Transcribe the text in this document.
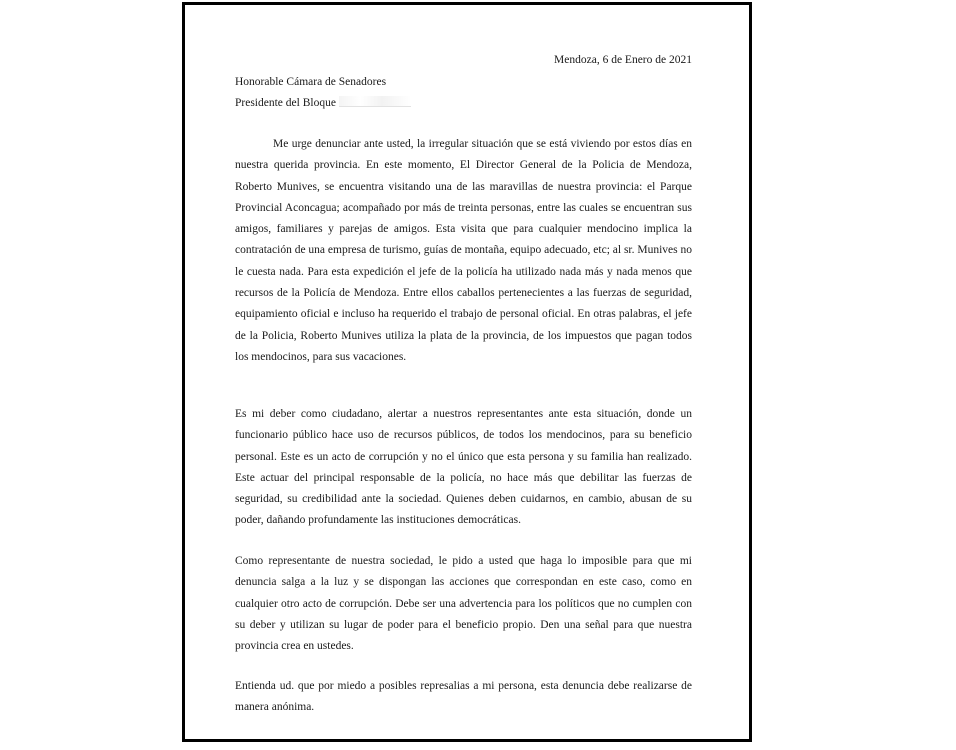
Mendoza, 6 de Enero de 2021
Honorable Cámara de Senadores
Presidente del Bloque

Me urge denunciar ante usted, la irregular situación que se está viviendo por estos días en nuestra querida provincia. En este momento, El Director General de la Policia de Mendoza, Roberto Munives, se encuentra visitando una de las maravillas de nuestra provincia: el Parque Provincial Aconcagua; acompañado por más de treinta personas, entre las cuales se encuentran sus amigos, familiares y parejas de amigos. Esta visita que para cualquier mendocino implica la contratación de una empresa de turismo, guías de montaña, equipo adecuado, etc; al sr. Munives no le cuesta nada. Para esta expedición el jefe de la policía ha utilizado nada más y nada menos que recursos de la Policía de Mendoza. Entre ellos caballos pertenecientes a las fuerzas de seguridad, equipamiento oficial e incluso ha requerido el trabajo de personal oficial. En otras palabras, el jefe de la Policia, Roberto Munives utiliza la plata de la provincia, de los impuestos que pagan todos los mendocinos, para sus vacaciones.

Es mi deber como ciudadano, alertar a nuestros representantes ante esta situación, donde un funcionario público hace uso de recursos públicos, de todos los mendocinos, para su beneficio personal. Este es un acto de corrupción y no el único que esta persona y su familia han realizado. Este actuar del principal responsable de la policía, no hace más que debilitar las fuerzas de seguridad, su credibilidad ante la sociedad. Quienes deben cuidarnos, en cambio, abusan de su poder, dañando profundamente las instituciones democráticas.

Como representante de nuestra sociedad, le pido a usted que haga lo imposible para que mi denuncia salga a la luz y se dispongan las acciones que correspondan en este caso, como en cualquier otro acto de corrupción. Debe ser una advertencia para los políticos que no cumplen con su deber y utilizan su lugar de poder para el beneficio propio. Den una señal para que nuestra provincia crea en ustedes.

Entienda ud. que por miedo a posibles represalias a mi persona, esta denuncia debe realizarse de manera anónima.
